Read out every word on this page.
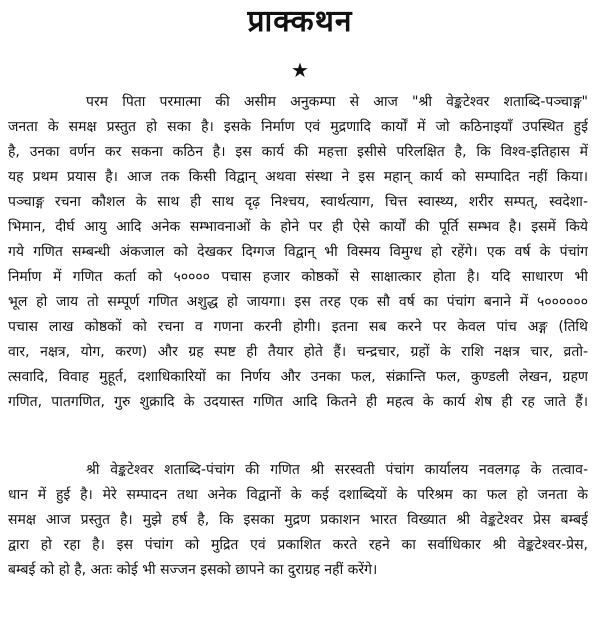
प्राक्कथन
★
परम पिता परमात्मा की असीम अनुकम्पा से आज "श्री वेङ्कटेश्वर शताब्दि-पञ्चाङ्ग"
जनता के समक्ष प्रस्तुत हो सका है। इसके निर्माण एवं मुद्रणादि कार्यों में जो कठिनाइयाँ उपस्थित हुई
है, उनका वर्णन कर सकना कठिन है। इस कार्य की महत्ता इसीसे परिलक्षित है, कि विश्व-इतिहास में
यह प्रथम प्रयास है। आज तक किसी विद्वान् अथवा संस्था ने इस महान् कार्य को सम्पादित नहीं किया।
पञ्चाङ्ग रचना कौशल के साथ ही साथ दृढ़ निश्चय, स्वार्थत्याग, चित्त स्वास्थ्य, शरीर सम्पत्, स्वदेशा-
भिमान, दीर्घ आयु आदि अनेक सम्भावनाओं के होने पर ही ऐसे कार्यों की पूर्ति सम्भव है। इसमें किये
गये गणित सम्बन्धी अंकजाल को देखकर दिग्गज विद्वान् भी विस्मय विमुग्ध हो रहेंगे। एक वर्ष के पंचांग
निर्माण में गणित कर्ता को ५०००० पचास हजार कोष्ठकों से साक्षात्कार होता है। यदि साधारण भी
भूल हो जाय तो सम्पूर्ण गणित अशुद्ध हो जायगा। इस तरह एक सौ वर्ष का पंचांग बनाने में ५००००००
पचास लाख कोष्ठकों को रचना व गणना करनी होगी। इतना सब करने पर केवल पांच अङ्ग (तिथि
वार, नक्षत्र, योग, करण) और ग्रह स्पष्ट ही तैयार होते हैं। चन्द्रचार, ग्रहों के राशि नक्षत्र चार, व्रतो-
त्सवादि, विवाह मुहूर्त, दशाधिकारियों का निर्णय और उनका फल, संक्रान्ति फल, कुण्डली लेखन, ग्रहण
गणित, पातगणित, गुरु शुक्रादि के उदयास्त गणित आदि कितने ही महत्व के कार्य शेष ही रह जाते हैं।
श्री वेङ्कटेश्वर शताब्दि-पंचांग की गणित श्री सरस्वती पंचांग कार्यालय नवलगढ़ के तत्वाव-
धान में हुई है। मेरे सम्पादन तथा अनेक विद्वानों के कई दशाब्दियों के परिश्रम का फल हो जनता के
समक्ष आज प्रस्तुत है। मुझे हर्ष है, कि इसका मुद्रण प्रकाशन भारत विख्यात श्री वेङ्कटेश्वर प्रेस बम्बई
द्वारा हो रहा है। इस पंचांग को मुद्रित एवं प्रकाशित करते रहने का सर्वाधिकार श्री वेङ्कटेश्वर-प्रेस,
बम्बई को हो है, अतः कोई भी सज्जन इसको छापने का दुराग्रह नहीं करेंगे।
